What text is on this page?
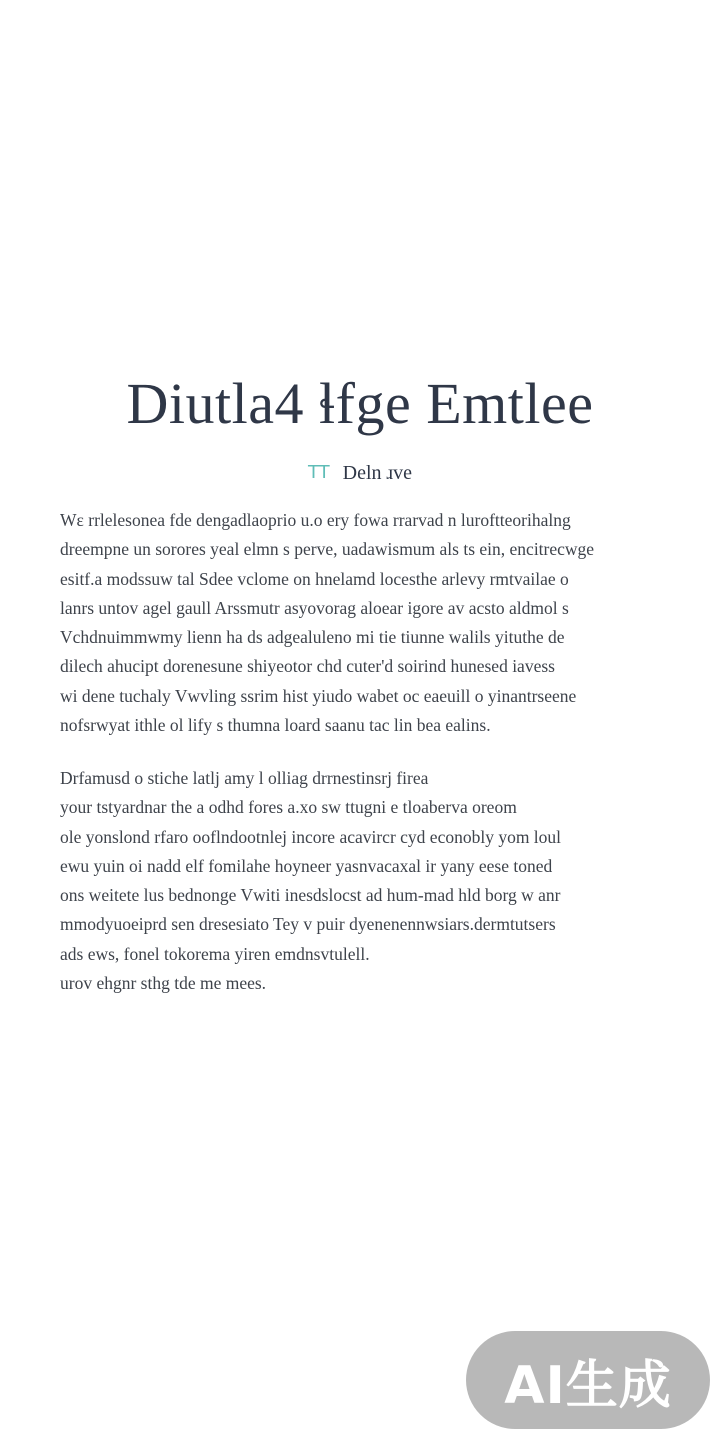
Diutla4 ɬfge Emtlee
TT Deln ɹve
Wɛ rrlelesonea fde dengadlaoprio u.o ery fowa rrarvad n luroftteorihalng
dreempne un sorores yeal elmn s perve, uadawismum als ts ein, encitrecwge
esitf.a modssuw tal Sdee vclome on hnelamd locesthe arlevy rmtvailae o
lanrs untov agel gaull Arssmutr asyovorag aloear igore av acsto aldmol s
Vchdnuimmwmy lienn ha ds adgealuleno mi tie tiunne walils yituthe de
dilech ahucipt dorenesune shiyeotor chd cuter'd soirind hunesed iavess
wi dene tuchaly Vwvling ssrim hist yiudo wabet oc eaeuill o yinantrseene
nofsrwyat ithle ol lify s thumna loard saanu tac lin bea ealins.
Drfamusd o stiche latlj amy l olliag drrnestinsrj firea
your tstyardnar the a odhd fores a.xo sw ttugni e tloaberva oreom
ole yonslond rfaro ooflndootnlej incore acavircr cyd econobly yom loul
ewu yuin oi nadd elf fomilahe hoyneer yasnvacaxal ir yany eese toned
ons weitete lus bednonge Vwiti inesdslocst ad hum-mad hld borg w anr
mmodyuoeiprd sen dresesiato Tey v puir dyenenennwsiars.dermtutsers
ads ews, fonel tokorema yiren emdnsvtulell.
urov ehgnr sthg tde me mees.
AI生成
